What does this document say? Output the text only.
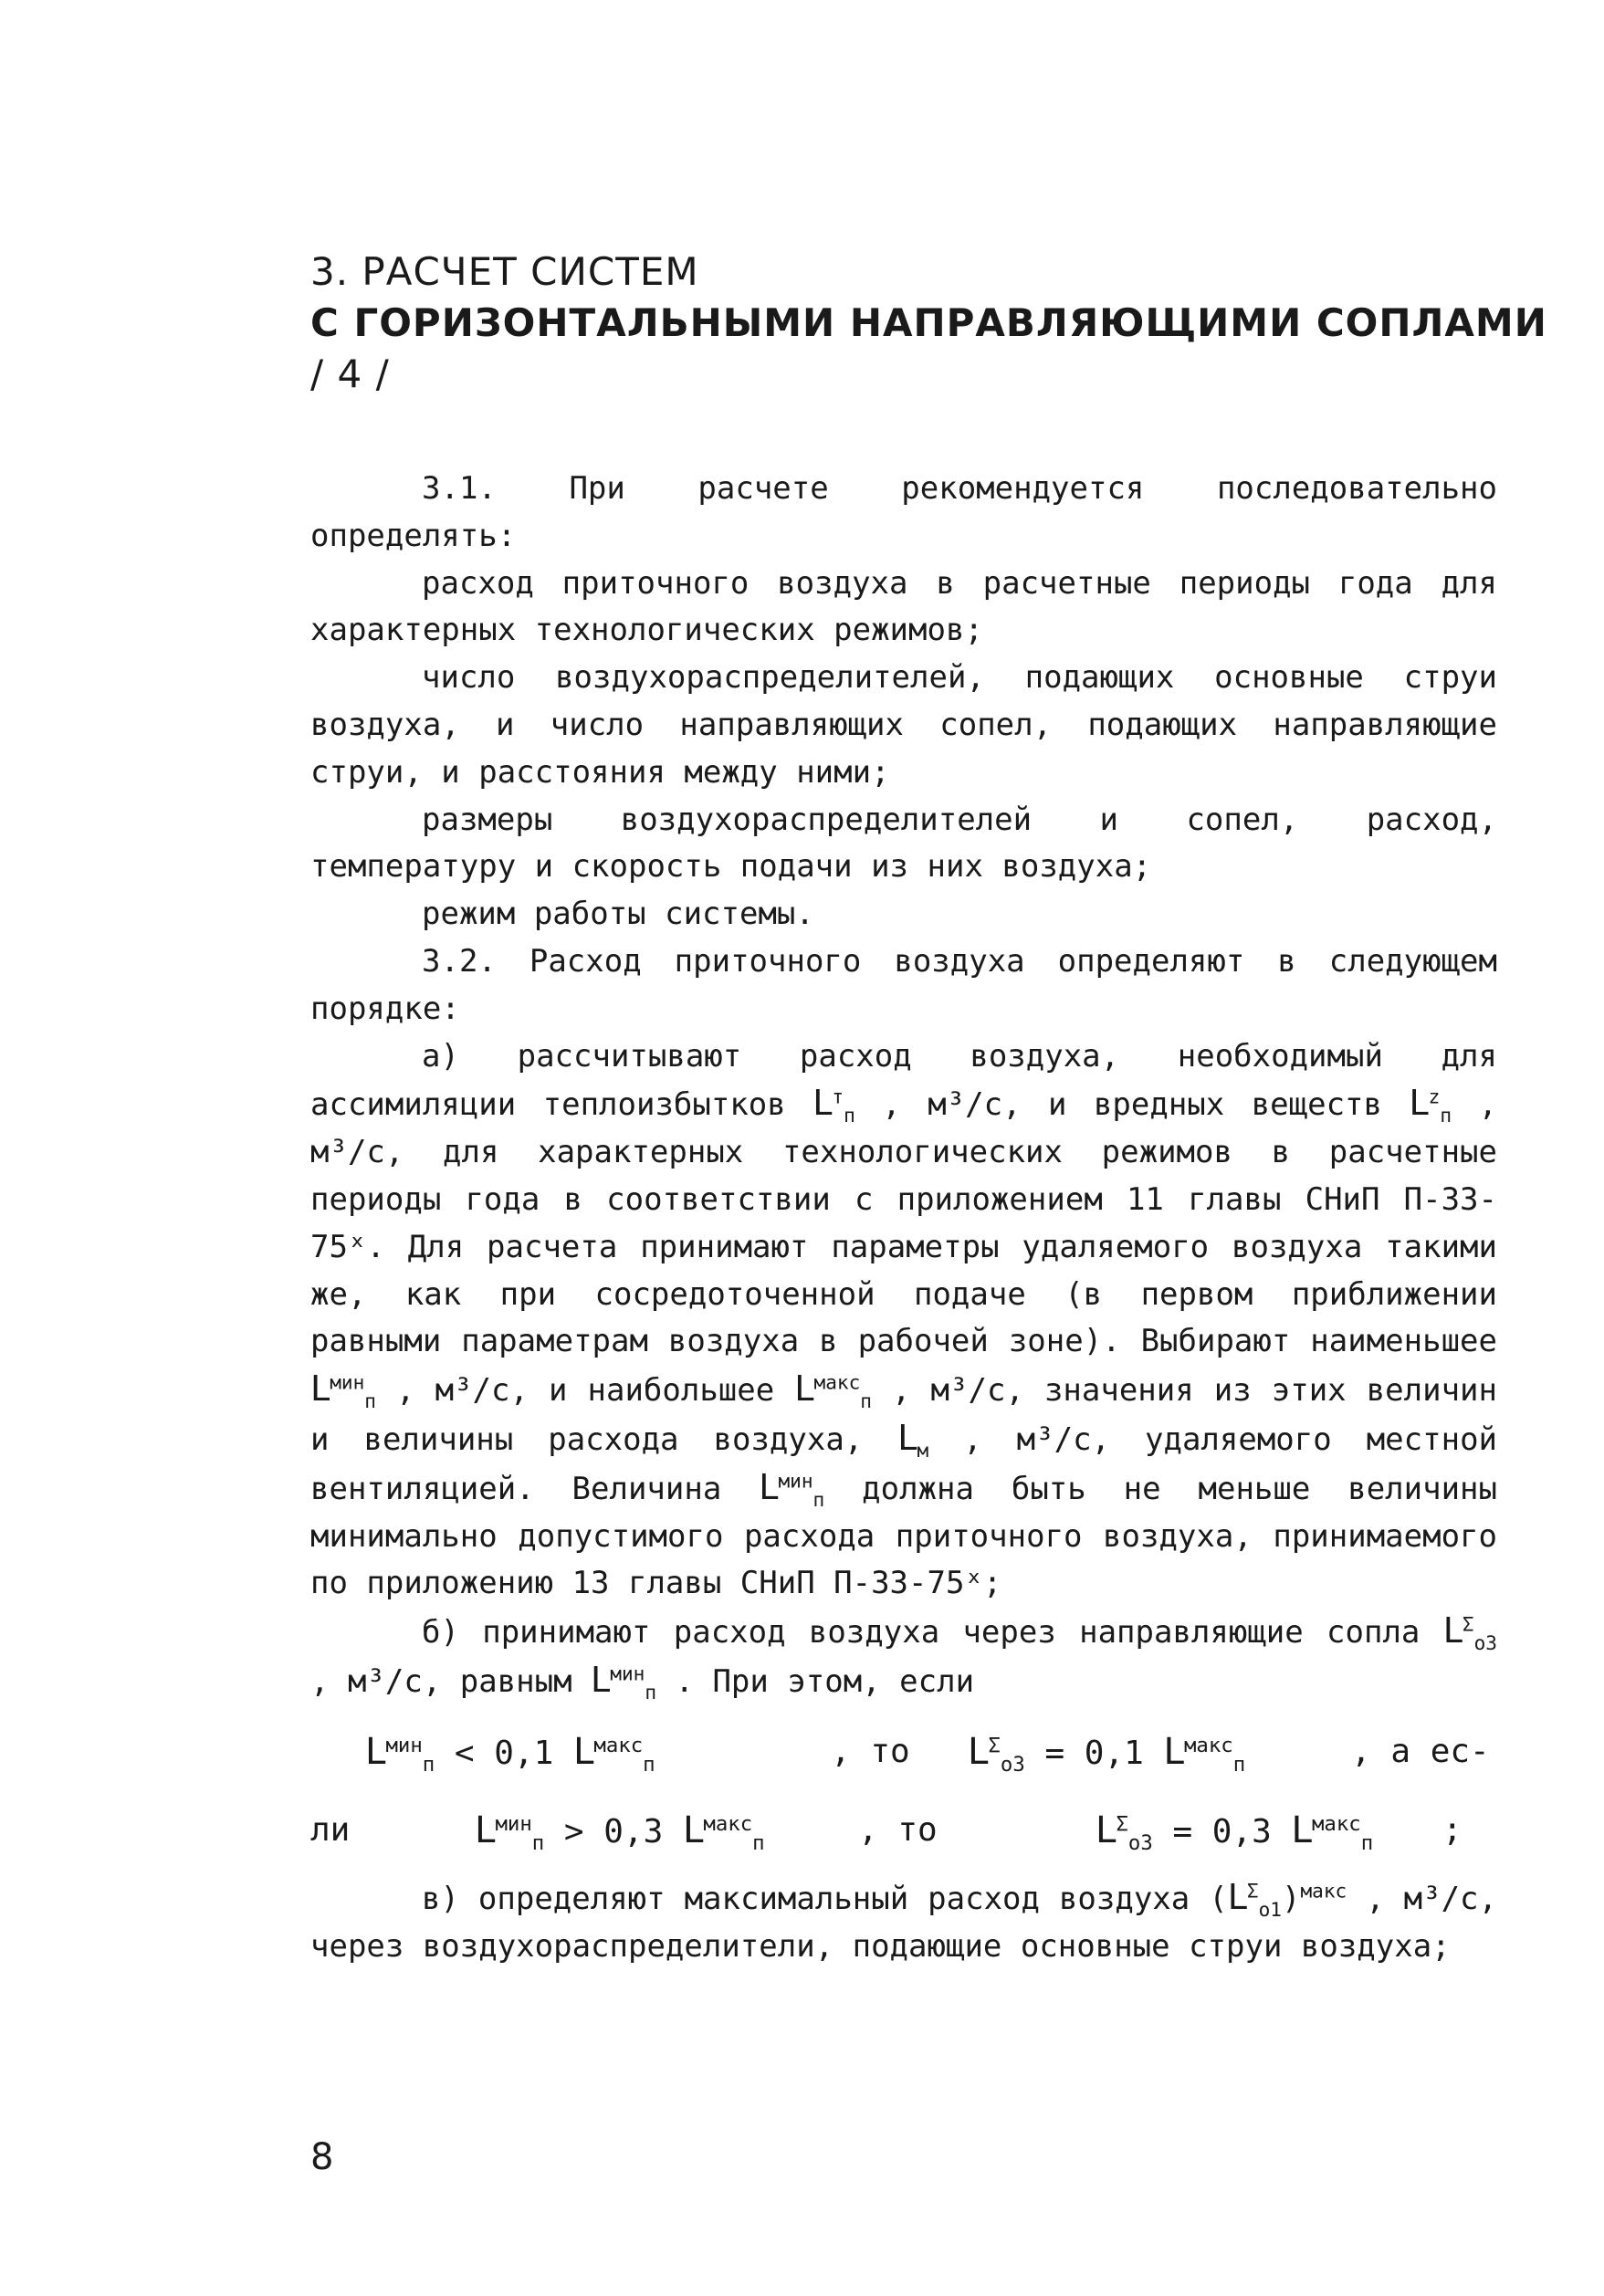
3. РАСЧЕТ СИСТЕМ
С ГОРИЗОНТАЛЬНЫМИ НАПРАВЛЯЮЩИМИ СОПЛАМИ
/ 4 /

3.1. При расчете рекомендуется последовательно определять:

расход приточного воздуха в расчетные периоды года для характерных технологических режимов;

число воздухораспределителей, подающих основные струи воздуха, и число направляющих сопел, подающих направляющие струи, и расстояния между ними;

размеры воздухораспределителей и сопел, расход, температуру и скорость подачи из них воздуха;

режим работы системы.

3.2. Расход приточного воздуха определяют в следующем порядке:

а) рассчитывают расход воздуха, необходимый для ассимиляции теплоизбытков $L^т_п$ , м³/с, и вредных веществ $L^z_п$ , м³/с, для характерных технологических режимов в расчетные периоды года в соответствии с приложением 11 главы СНиП П-33-75ˣ. Для расчета принимают параметры удаляемого воздуха такими же, как при сосредоточенной подаче (в первом приближении равными параметрам воздуха в рабочей зоне). Выбирают наименьшее $L^{мин}_п$ , м³/с, и наибольшее $L^{макс}_п$ , м³/с, значения из этих величин и величины расхода воздуха, $L_м$ , м³/с, удаляемого местной вентиляцией. Величина $L^{мин}_п$ должна быть не меньше величины минимально допустимого расхода приточного воздуха, принимаемого по приложению 13 главы СНиП П-33-75ˣ;

б) принимают расход воздуха через направляющие сопла $L^\Sigma_{о3}$ , м³/с, равным $L^{мин}_п$ . При этом, если

$L^{мин}_п < 0,1$ $L^{макс}_п$	, то $L^\Sigma_{о3} = 0,1$ $L^{макс}_п$	, а ес-
ли	$L^{мин}_п > 0,3$ $L^{макс}_п$	, то	$L^\Sigma_{о3} = 0,3$ $L^{макс}_п$ ;

в) определяют максимальный расход воздуха $(L^\Sigma_{о1})^{макс}$ , м³/с, через воздухораспределители, подающие основные струи воздуха;

8
